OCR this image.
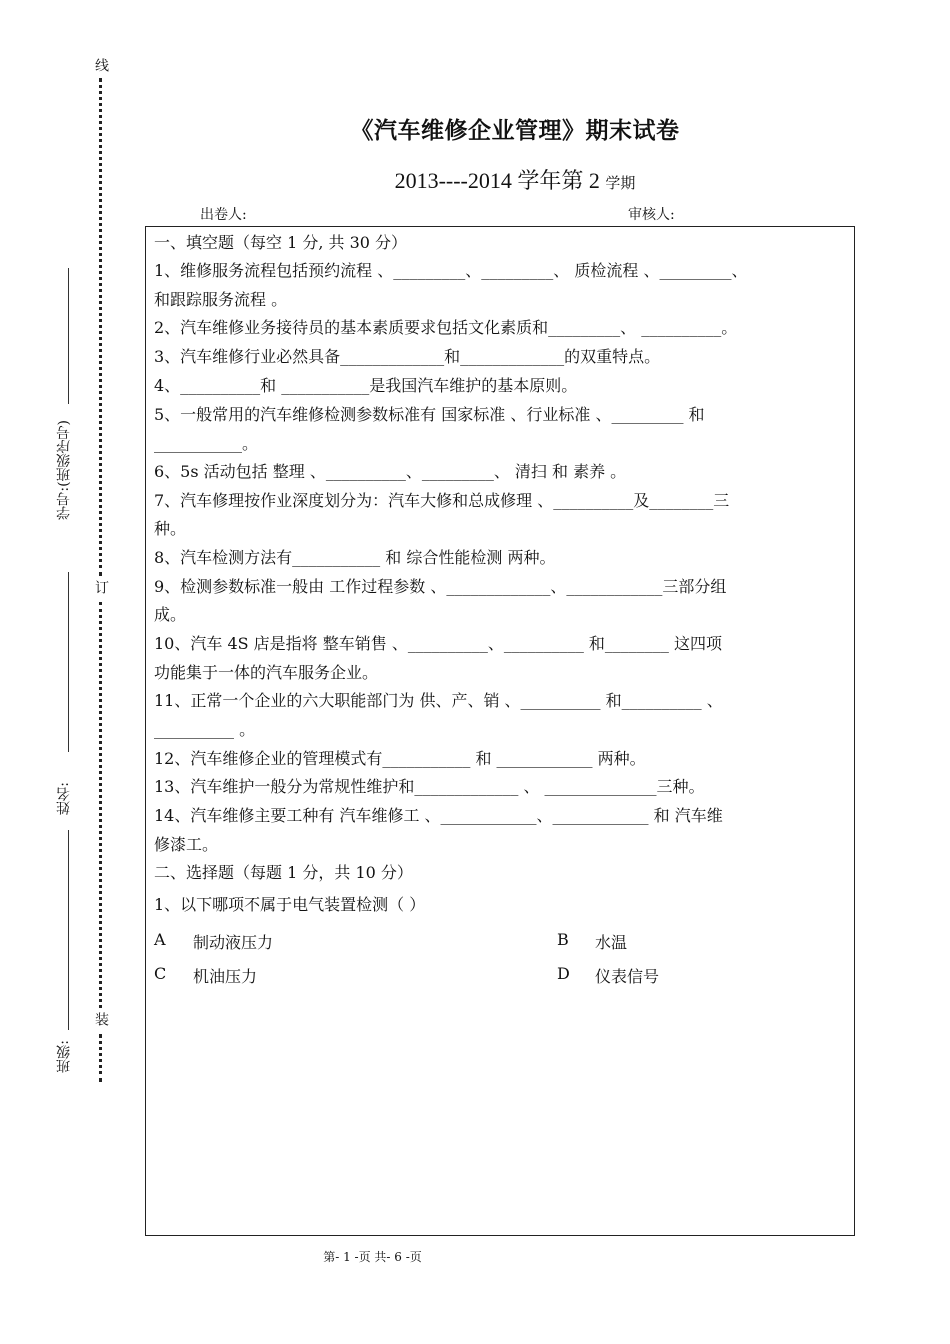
线
订
装
学号:(班级序号)
姓名:
班级:
《汽车维修企业管理》期末试卷
2013----2014 学年第 2 学期
出卷人:	审核人:
一、填空题（每空 1 分, 共 30 分）
1、维修服务流程包括预约流程 、_________、_________、 质检流程 、_________、
和跟踪服务流程 。
2、汽车维修业务接待员的基本素质要求包括文化素质和_________、 __________。
3、汽车维修行业必然具备_____________和_____________的双重特点。
4、__________和 ___________是我国汽车维护的基本原则。
5、一般常用的汽车维修检测参数标准有 国家标准 、行业标准 、_________ 和
___________。
6、5s 活动包括 整理 、__________、_________、 清扫 和 素养 。
7、汽车修理按作业深度划分为：汽车大修和总成修理 、__________及________三
种。
8、汽车检测方法有___________ 和 综合性能检测 两种。
9、检测参数标准一般由 工作过程参数 、_____________、____________三部分组
成。
10、汽车 4S 店是指将 整车销售 、__________、__________ 和________ 这四项
功能集于一体的汽车服务企业。
11、正常一个企业的六大职能部门为 供、产、销 、__________ 和__________ 、
__________ 。
12、汽车维修企业的管理模式有___________ 和 ____________ 两种。
13、汽车维护一般分为常规性维护和_____________ 、 ______________三种。
14、汽车维修主要工种有 汽车维修工 、____________、____________ 和 汽车维
修漆工。
二、选择题（每题 1 分，共 10 分）
1、以下哪项不属于电气装置检测（ ）
A 制动液压力	B 水温
C 机油压力	D 仪表信号
第- 1 -页 共- 6 -页
